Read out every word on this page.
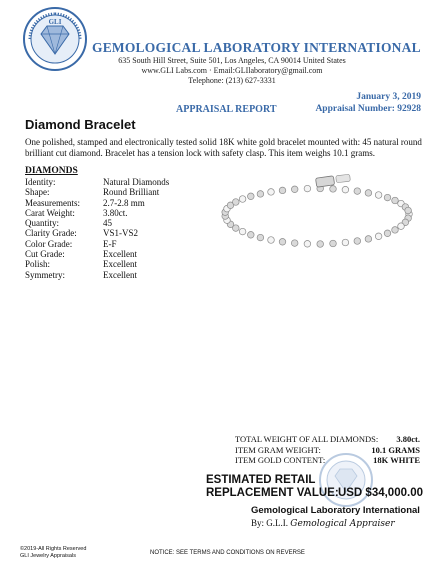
GLI
GEMOLOGICAL LABORATORY INTERNATIONAL
635 South Hill Street, Suite 501, Los Angeles, CA 90014 United States
www.GLI Labs.com · Email:GLIlaboratory@gmail.com
Telephone: (213) 627-3331
January 3, 2019
APPRAISAL REPORT	Appraisal Number: 92928
Diamond Bracelet
One polished, stamped and electronically tested solid 18K white gold bracelet mounted with: 45 natural round brilliant cut diamond. Bracelet has a tension lock with safety clasp. This item weighs 10.1 grams.
DIAMONDS
Identity:	Natural Diamonds
Shape:	Round Brilliant
Measurements:	2.7-2.8 mm
Carat Weight:	3.80ct.
Quantity:	45
Clarity Grade:	VS1-VS2
Color Grade:	E-F
Cut Grade:	Excellent
Polish:	Excellent
Symmetry:	Excellent
TOTAL WEIGHT OF ALL DIAMONDS: 3.80ct.
ITEM GRAM WEIGHT:	10.1 GRAMS
ITEM GOLD CONTENT:	18K WHITE
ESTIMATED RETAIL
REPLACEMENT VALUE: USD $34,000.00
Gemological Laboratory International
By: G.L.I. Gemological Appraiser
©2019-All Rights Reserved
GLI Jewelry Appraisals	NOTICE: SEE TERMS AND CONDITIONS ON REVERSE
